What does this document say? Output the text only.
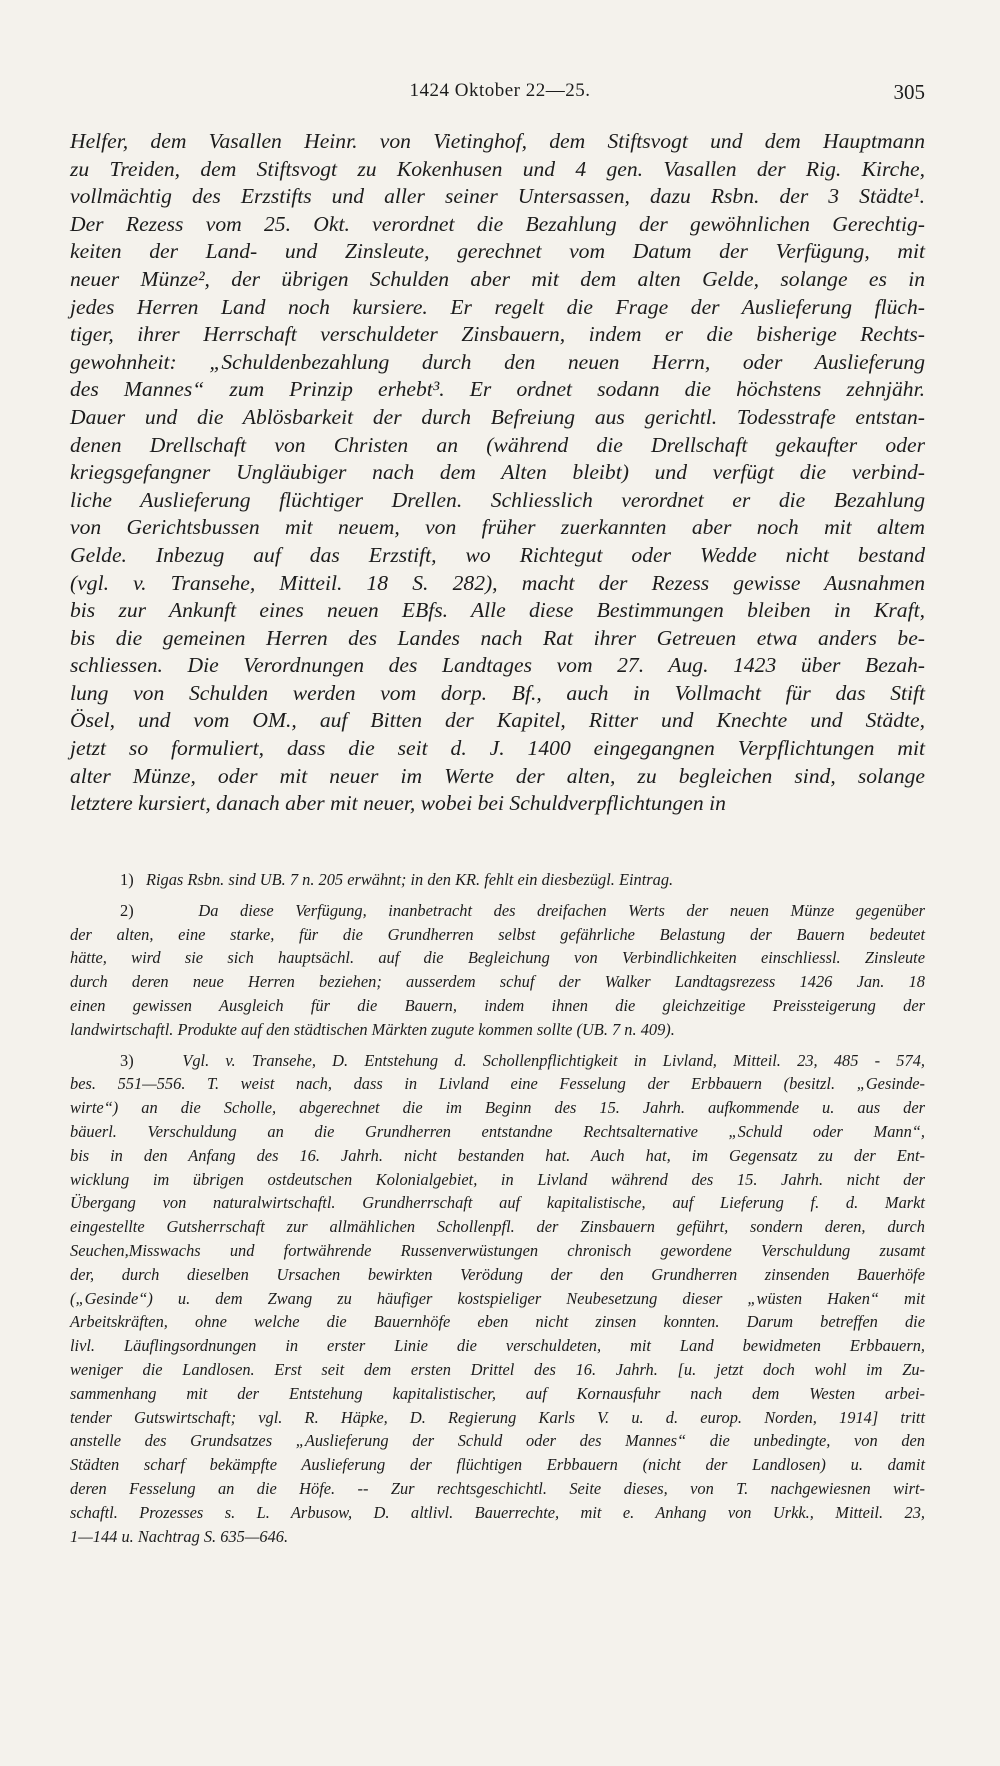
1424 Oktober 22—25.	305
Helfer, dem Vasallen Heinr. von Vietinghof, dem Stiftsvogt und dem Hauptmann
zu Treiden, dem Stiftsvogt zu Kokenhusen und 4 gen. Vasallen der Rig. Kirche,
vollmächtig des Erzstifts und aller seiner Untersassen, dazu Rsbn. der 3 Städte¹.
Der Rezess vom 25. Okt. verordnet die Bezahlung der gewöhnlichen Gerechtig-
keiten der Land- und Zinsleute, gerechnet vom Datum der Verfügung, mit
neuer Münze², der übrigen Schulden aber mit dem alten Gelde, solange es in
jedes Herren Land noch kursiere. Er regelt die Frage der Auslieferung flüch-
tiger, ihrer Herrschaft verschuldeter Zinsbauern, indem er die bisherige Rechts-
gewohnheit: „Schuldenbezahlung durch den neuen Herrn, oder Auslieferung
des Mannes“ zum Prinzip erhebt³. Er ordnet sodann die höchstens zehnjähr.
Dauer und die Ablösbarkeit der durch Befreiung aus gerichtl. Todesstrafe entstan-
denen Drellschaft von Christen an (während die Drellschaft gekaufter oder
kriegsgefangner Ungläubiger nach dem Alten bleibt) und verfügt die verbind-
liche Auslieferung flüchtiger Drellen. Schliesslich verordnet er die Bezahlung
von Gerichtsbussen mit neuem, von früher zuerkannten aber noch mit altem
Gelde. Inbezug auf das Erzstift, wo Richtegut oder Wedde nicht bestand
(vgl. v. Transehe, Mitteil. 18 S. 282), macht der Rezess gewisse Ausnahmen
bis zur Ankunft eines neuen EBfs. Alle diese Bestimmungen bleiben in Kraft,
bis die gemeinen Herren des Landes nach Rat ihrer Getreuen etwa anders be-
schliessen. Die Verordnungen des Landtages vom 27. Aug. 1423 über Bezah-
lung von Schulden werden vom dorp. Bf., auch in Vollmacht für das Stift
Ösel, und vom OM., auf Bitten der Kapitel, Ritter und Knechte und Städte,
jetzt so formuliert, dass die seit d. J. 1400 eingegangnen Verpflichtungen mit
alter Münze, oder mit neuer im Werte der alten, zu begleichen sind, solange
letztere kursiert, danach aber mit neuer, wobei bei Schuldverpflichtungen in
1) Rigas Rsbn. sind UB. 7 n. 205 erwähnt; in den KR. fehlt ein diesbezügl. Eintrag.
2)	Da diese Verfügung, inanbetracht des dreifachen Werts der neuen Münze gegenüber
der alten, eine starke, für die Grundherren selbst gefährliche Belastung der Bauern bedeutet
hätte, wird sie sich hauptsächl. auf die Begleichung von Verbindlichkeiten einschliessl. Zinsleute
durch deren neue Herren beziehen; ausserdem schuf der Walker Landtagsrezess 1426 Jan. 18
einen gewissen Ausgleich für die Bauern, indem ihnen die gleichzeitige Preissteigerung der
landwirtschaftl. Produkte auf den städtischen Märkten zugute kommen sollte (UB. 7 n. 409).
3)	Vgl. v. Transehe, D. Entstehung d. Schollenpflichtigkeit in Livland, Mitteil. 23, 485 - 574,
bes. 551—556. T. weist nach, dass in Livland eine Fesselung der Erbbauern (besitzl. „Gesinde-
wirte“) an die Scholle, abgerechnet die im Beginn des 15. Jahrh. aufkommende u. aus der
bäuerl. Verschuldung an die Grundherren entstandne Rechtsalternative „Schuld oder Mann“,
bis in den Anfang des 16. Jahrh. nicht bestanden hat. Auch hat, im Gegensatz zu der Ent-
wicklung im übrigen ostdeutschen Kolonialgebiet, in Livland während des 15. Jahrh. nicht der
Übergang von naturalwirtschaftl. Grundherrschaft auf kapitalistische, auf Lieferung f. d. Markt
eingestellte Gutsherrschaft zur allmählichen Schollenpfl. der Zinsbauern geführt, sondern deren, durch
Seuchen,Misswachs und fortwährende Russenverwüstungen chronisch gewordene Verschuldung zusamt
der, durch dieselben Ursachen bewirkten Verödung der den Grundherren zinsenden Bauerhöfe
(„Gesinde“) u. dem Zwang zu häufiger kostspieliger Neubesetzung dieser „wüsten Haken“ mit
Arbeitskräften, ohne welche die Bauernhöfe eben nicht zinsen konnten. Darum betreffen die
livl. Läuflingsordnungen in erster Linie die verschuldeten, mit Land bewidmeten Erbbauern,
weniger die Landlosen. Erst seit dem ersten Drittel des 16. Jahrh. [u. jetzt doch wohl im Zu-
sammenhang mit der Entstehung kapitalistischer, auf Kornausfuhr nach dem Westen arbei-
tender Gutswirtschaft; vgl. R. Häpke, D. Regierung Karls V. u. d. europ. Norden, 1914] tritt
anstelle des Grundsatzes „Auslieferung der Schuld oder des Mannes“ die unbedingte, von den
Städten scharf bekämpfte Auslieferung der flüchtigen Erbbauern (nicht der Landlosen) u. damit
deren Fesselung an die Höfe. -- Zur rechtsgeschichtl. Seite dieses, von T. nachgewiesnen wirt-
schaftl. Prozesses s. L. Arbusow, D. altlivl. Bauerrechte, mit e. Anhang von Urkk., Mitteil. 23,
1—144 u. Nachtrag S. 635—646.
